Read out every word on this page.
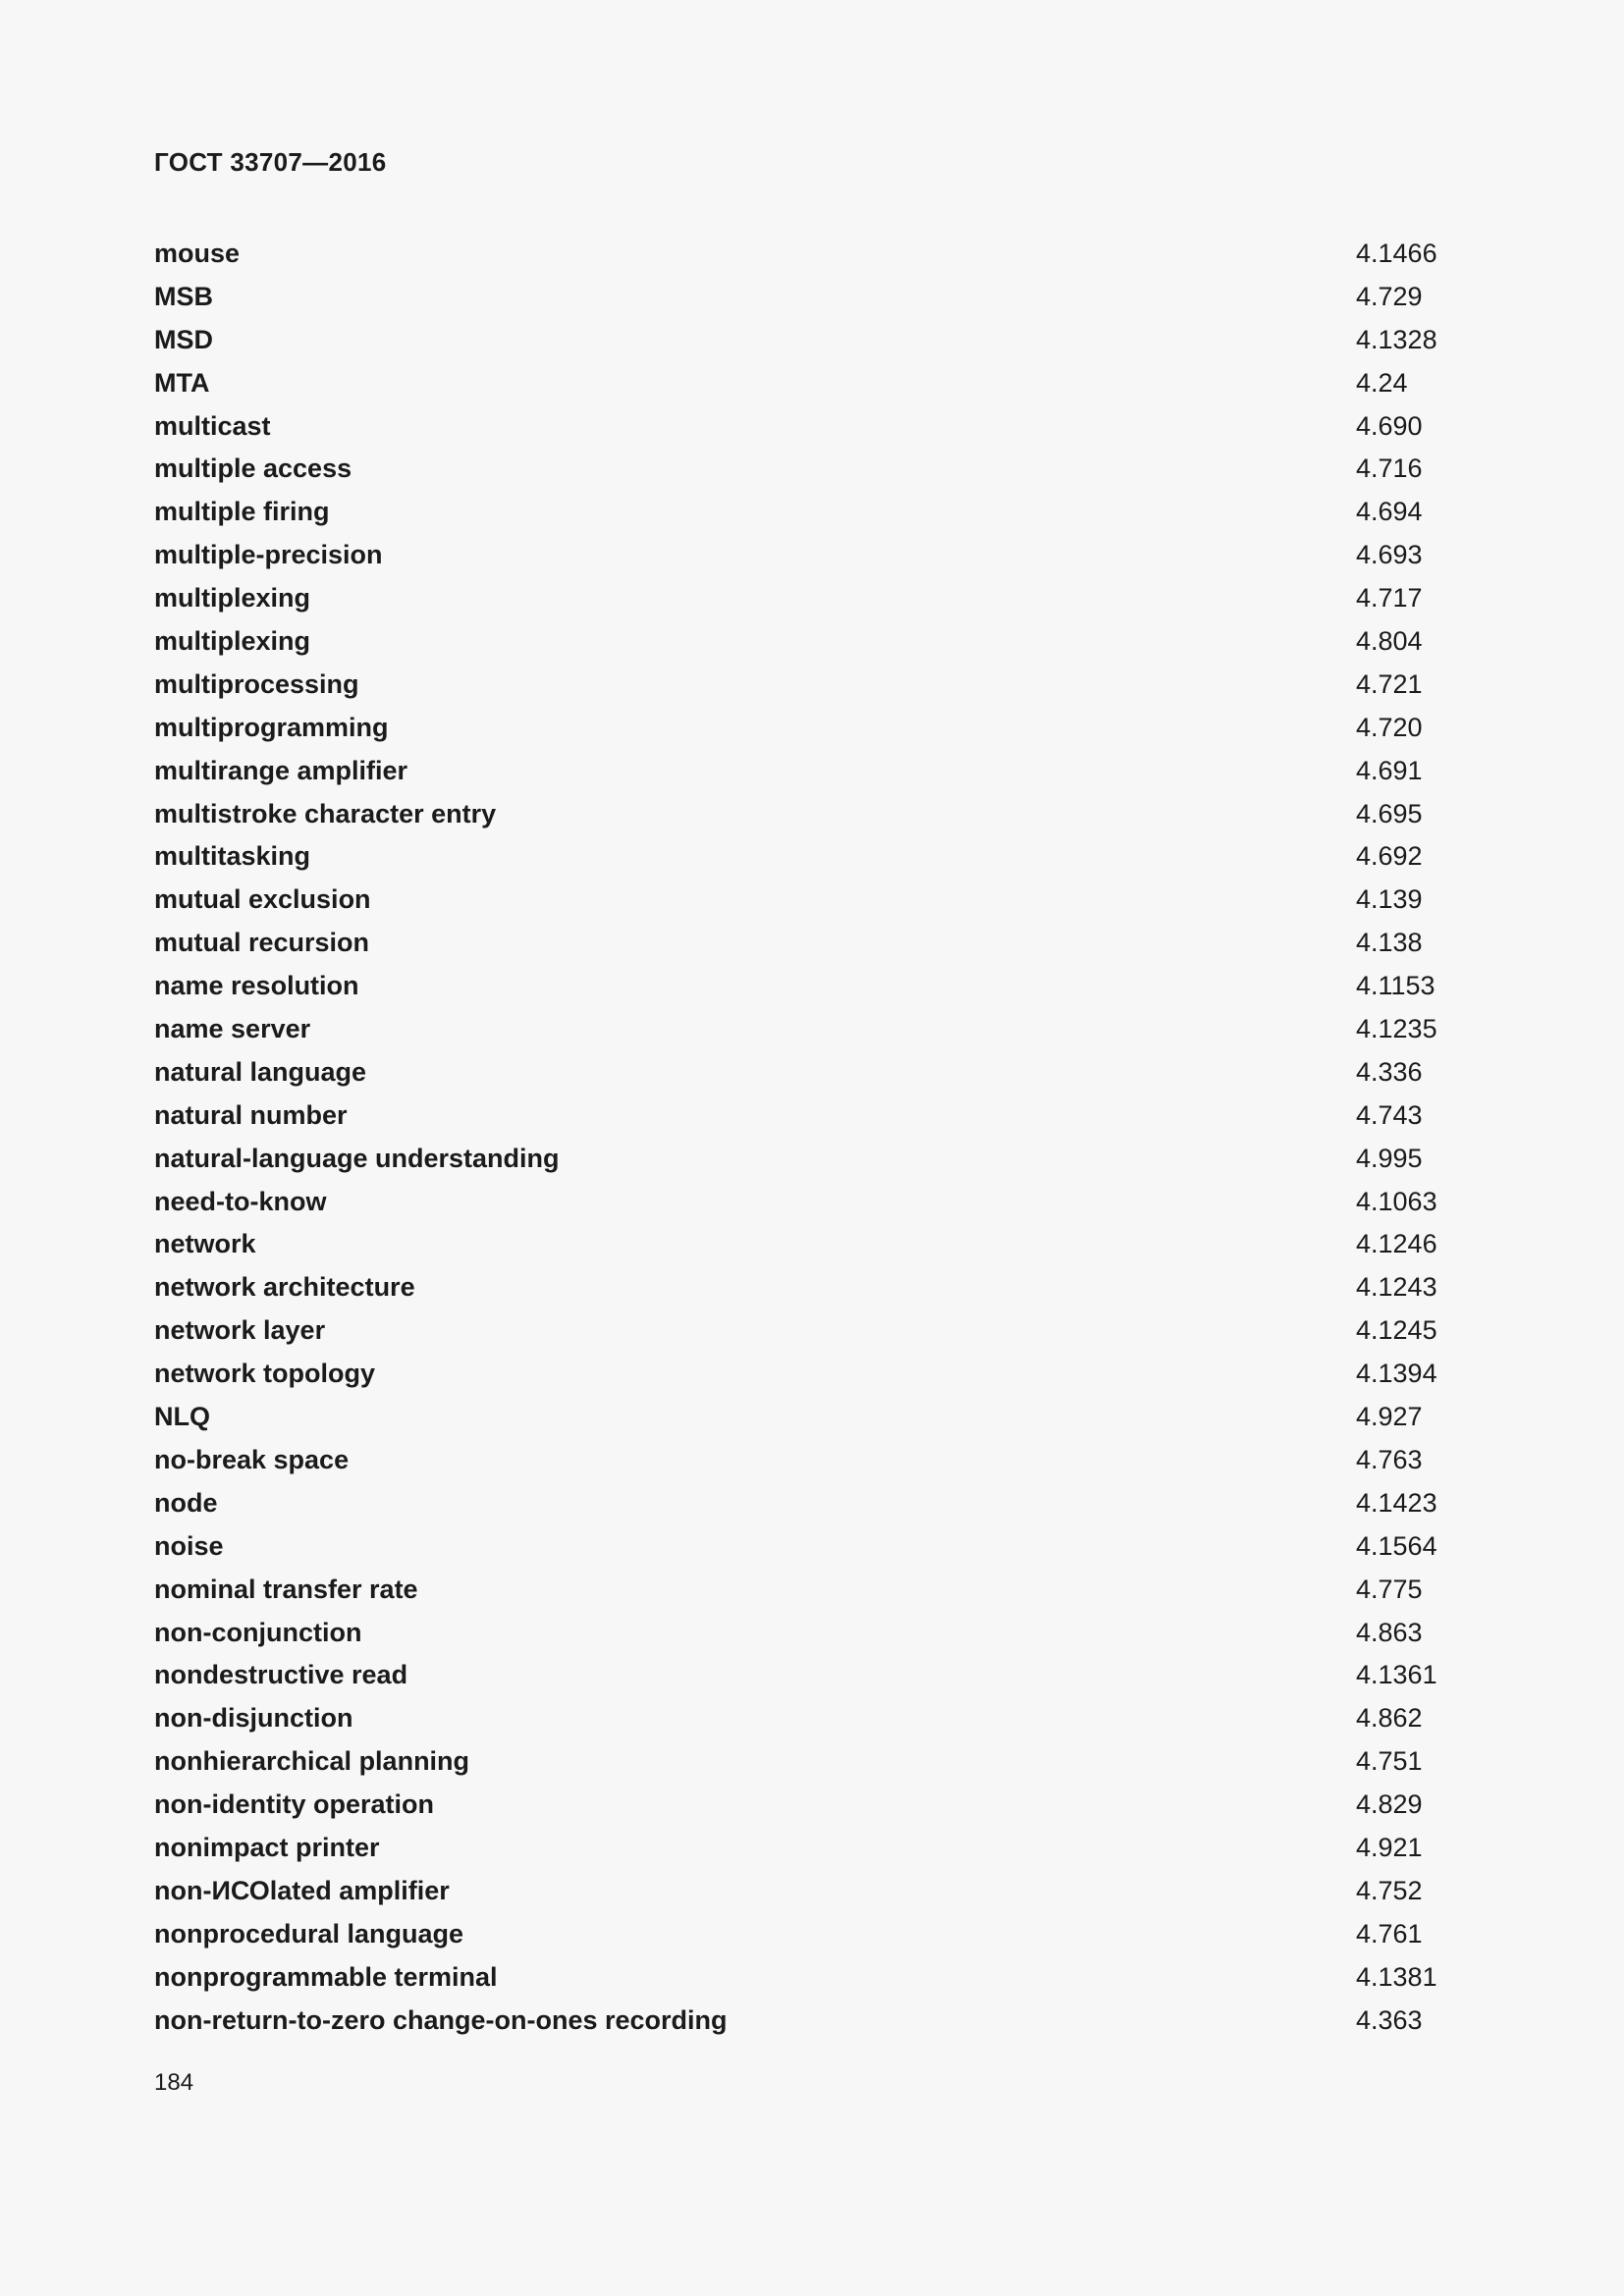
ГОСТ 33707—2016
mouse	4.1466
MSB	4.729
MSD	4.1328
MTA	4.24
multicast	4.690
multiple access	4.716
multiple firing	4.694
multiple-precision	4.693
multiplexing	4.717
multiplexing	4.804
multiprocessing	4.721
multiprogramming	4.720
multirange amplifier	4.691
multistroke character entry	4.695
multitasking	4.692
mutual exclusion	4.139
mutual recursion	4.138
name resolution	4.1153
name server	4.1235
natural language	4.336
natural number	4.743
natural-language understanding	4.995
need-to-know	4.1063
network	4.1246
network architecture	4.1243
network layer	4.1245
network topology	4.1394
NLQ	4.927
no-break space	4.763
node	4.1423
noise	4.1564
nominal transfer rate	4.775
non-conjunction	4.863
nondestructive read	4.1361
non-disjunction	4.862
nonhierarchical planning	4.751
non-identity operation	4.829
nonimpact printer	4.921
non-ИСОlated amplifier	4.752
nonprocedural language	4.761
nonprogrammable terminal	4.1381
non-return-to-zero change-on-ones recording	4.363
184
